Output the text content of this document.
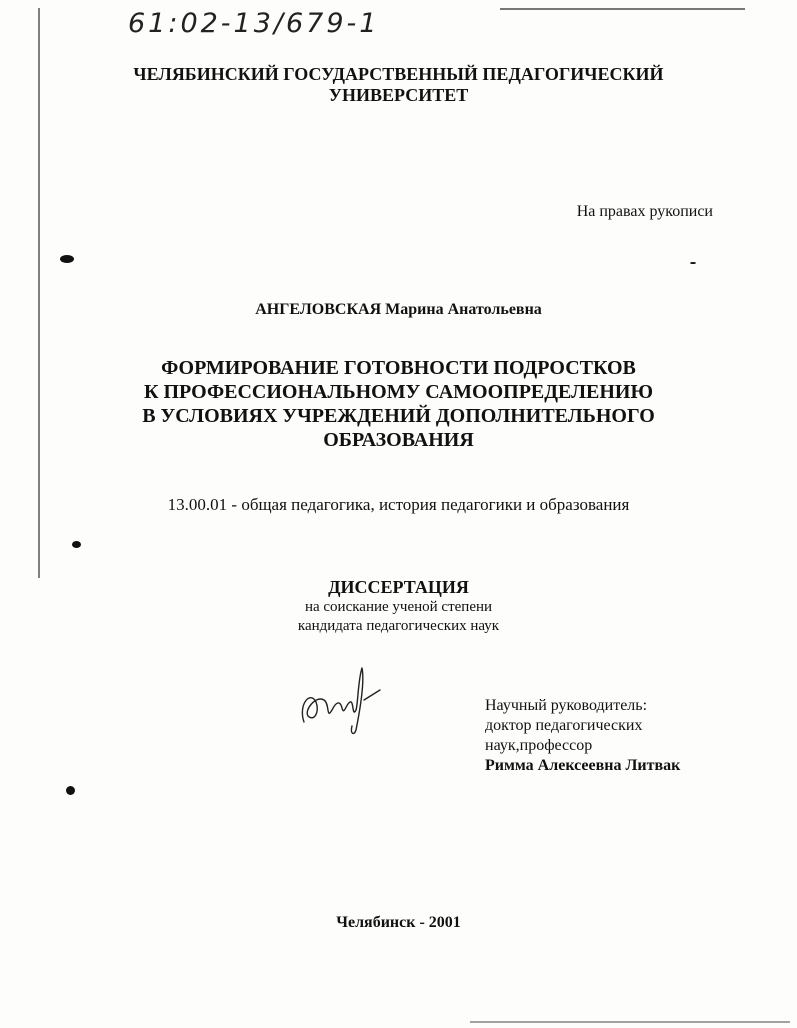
61:02-13/679-1
ЧЕЛЯБИНСКИЙ ГОСУДАРСТВЕННЫЙ ПЕДАГОГИЧЕСКИЙ
УНИВЕРСИТЕТ
На правах рукописи
АНГЕЛОВСКАЯ Марина Анатольевна
ФОРМИРОВАНИЕ ГОТОВНОСТИ ПОДРОСТКОВ
К ПРОФЕССИОНАЛЬНОМУ САМООПРЕДЕЛЕНИЮ
В УСЛОВИЯХ УЧРЕЖДЕНИЙ ДОПОЛНИТЕЛЬНОГО
ОБРАЗОВАНИЯ
13.00.01 - общая педагогика, история педагогики и образования
ДИССЕРТАЦИЯ
на соискание ученой степени
кандидата педагогических наук
Научный руководитель:
доктор педагогических
наук,профессор
Римма Алексеевна Литвак
Челябинск - 2001
